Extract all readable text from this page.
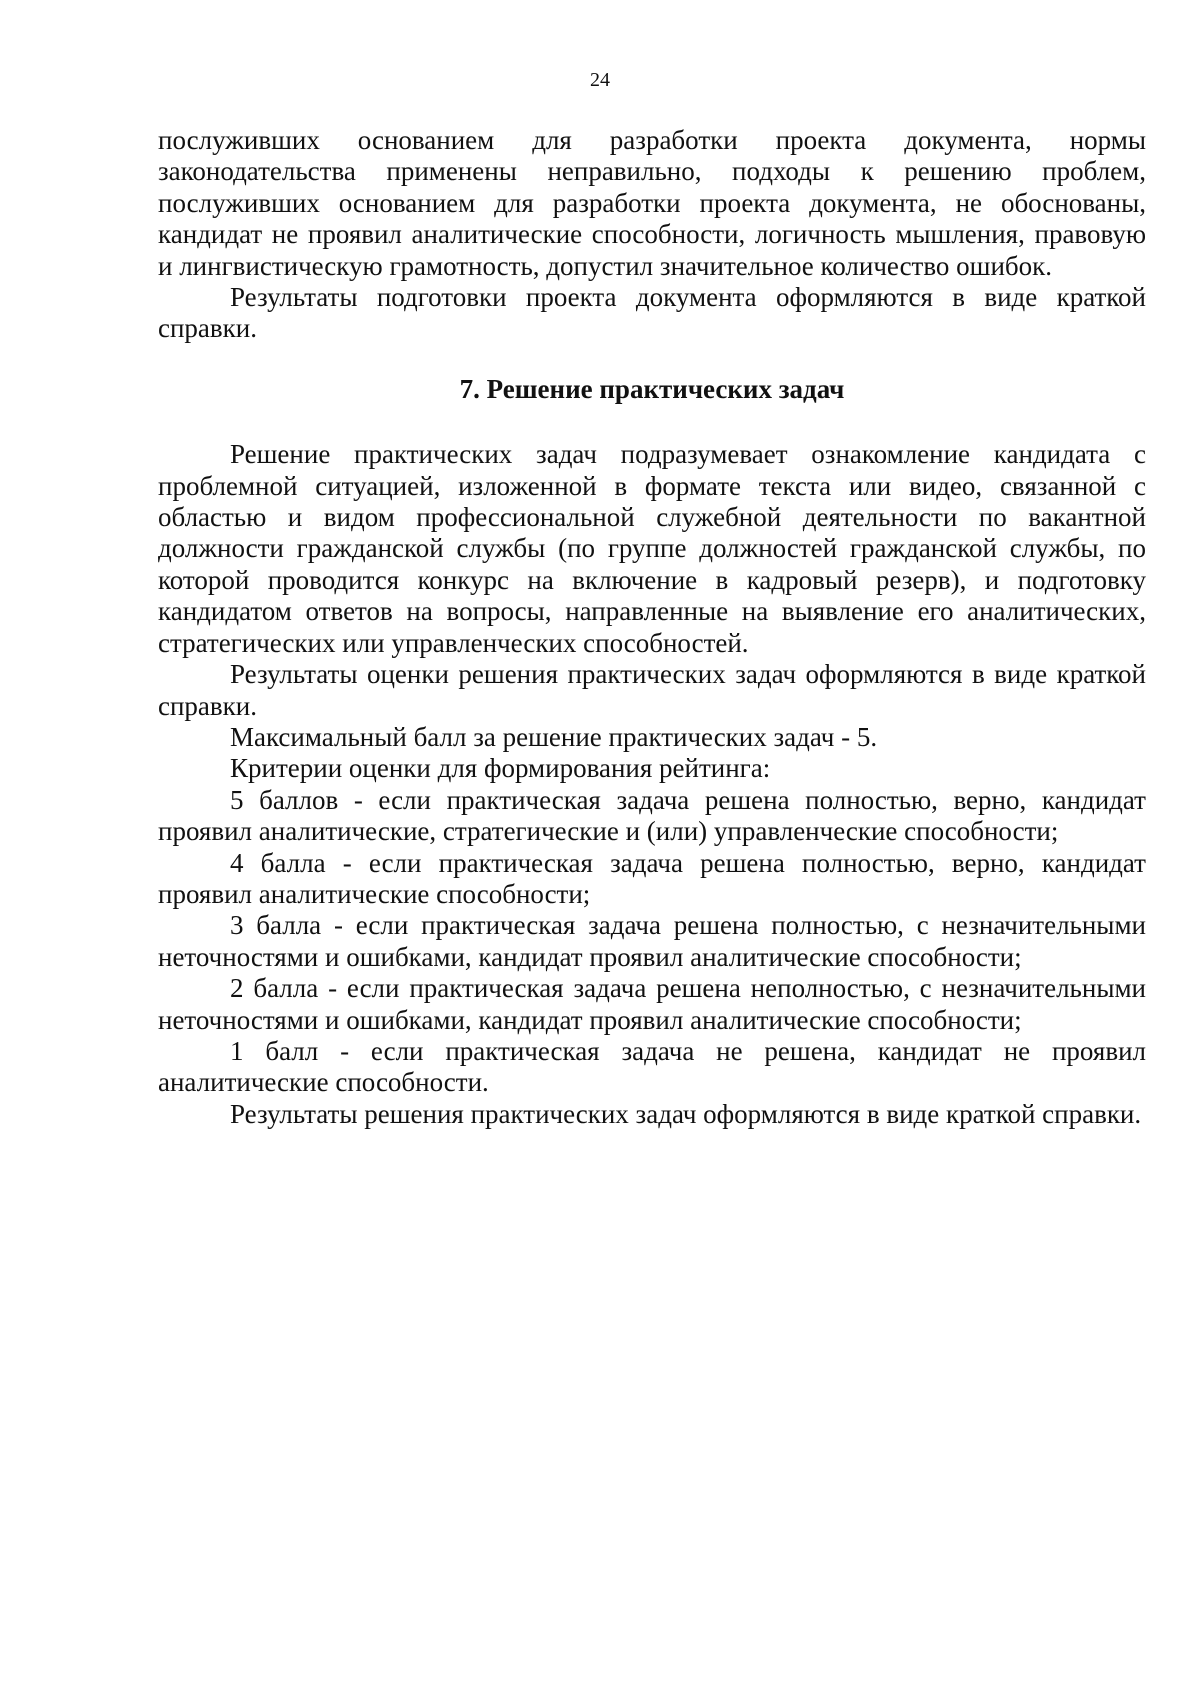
24

послуживших основанием для разработки проекта документа, нормы законодательства применены неправильно, подходы к решению проблем, послуживших основанием для разработки проекта документа, не обоснованы, кандидат не проявил аналитические способности, логичность мышления, правовую и лингвистическую грамотность, допустил значительное количество ошибок.

Результаты подготовки проекта документа оформляются в виде краткой справки.

7. Решение практических задач

Решение практических задач подразумевает ознакомление кандидата с проблемной ситуацией, изложенной в формате текста или видео, связанной с областью и видом профессиональной служебной деятельности по вакантной должности гражданской службы (по группе должностей гражданской службы, по которой проводится конкурс на включение в кадровый резерв), и подготовку кандидатом ответов на вопросы, направленные на выявление его аналитических, стратегических или управленческих способностей.

Результаты оценки решения практических задач оформляются в виде краткой справки.

Максимальный балл за решение практических задач - 5.

Критерии оценки для формирования рейтинга:

5 баллов - если практическая задача решена полностью, верно, кандидат проявил аналитические, стратегические и (или) управленческие способности;

4 балла - если практическая задача решена полностью, верно, кандидат проявил аналитические способности;

3 балла - если практическая задача решена полностью, с незначительными неточностями и ошибками, кандидат проявил аналитические способности;

2 балла - если практическая задача решена неполностью, с незначительными неточностями и ошибками, кандидат проявил аналитические способности;

1 балл - если практическая задача не решена, кандидат не проявил аналитические способности.

Результаты решения практических задач оформляются в виде краткой справки.
